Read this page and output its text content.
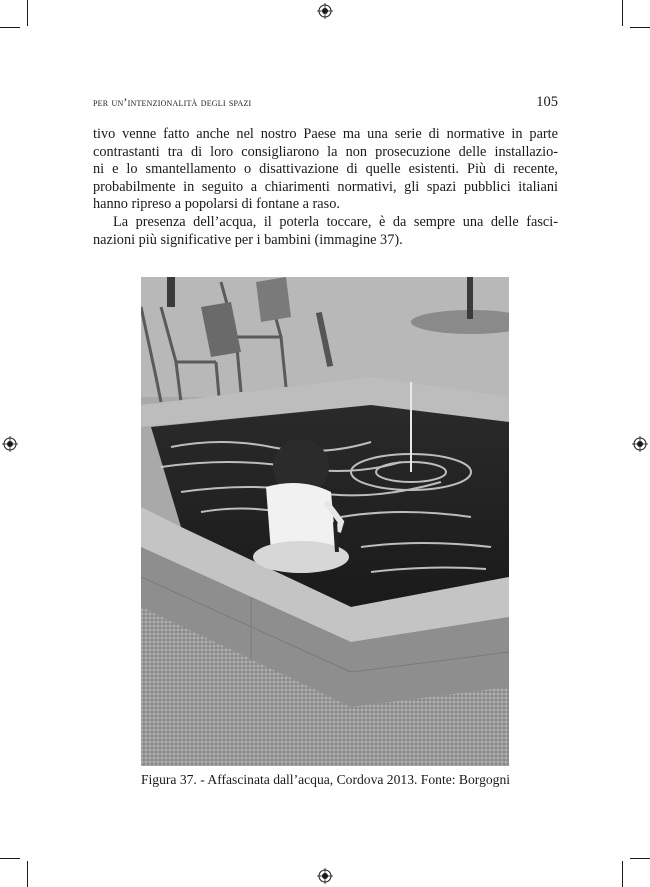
per un’intenzionalità degli spazi	105
tivo venne fatto anche nel nostro Paese ma una serie di normative in parte
contrastanti tra di loro consigliarono la non prosecuzione delle installazio-
ni e lo smantellamento o disattivazione di quelle esistenti. Più di recente,
probabilmente in seguito a chiarimenti normativi, gli spazi pubblici italiani
hanno ripreso a popolarsi di fontane a raso.
La presenza dell’acqua, il poterla toccare, è da sempre una delle fasci-
nazioni più significative per i bambini (immagine 37).
Figura 37. - Affascinata dall’acqua, Cordova 2013. Fonte: Borgogni
